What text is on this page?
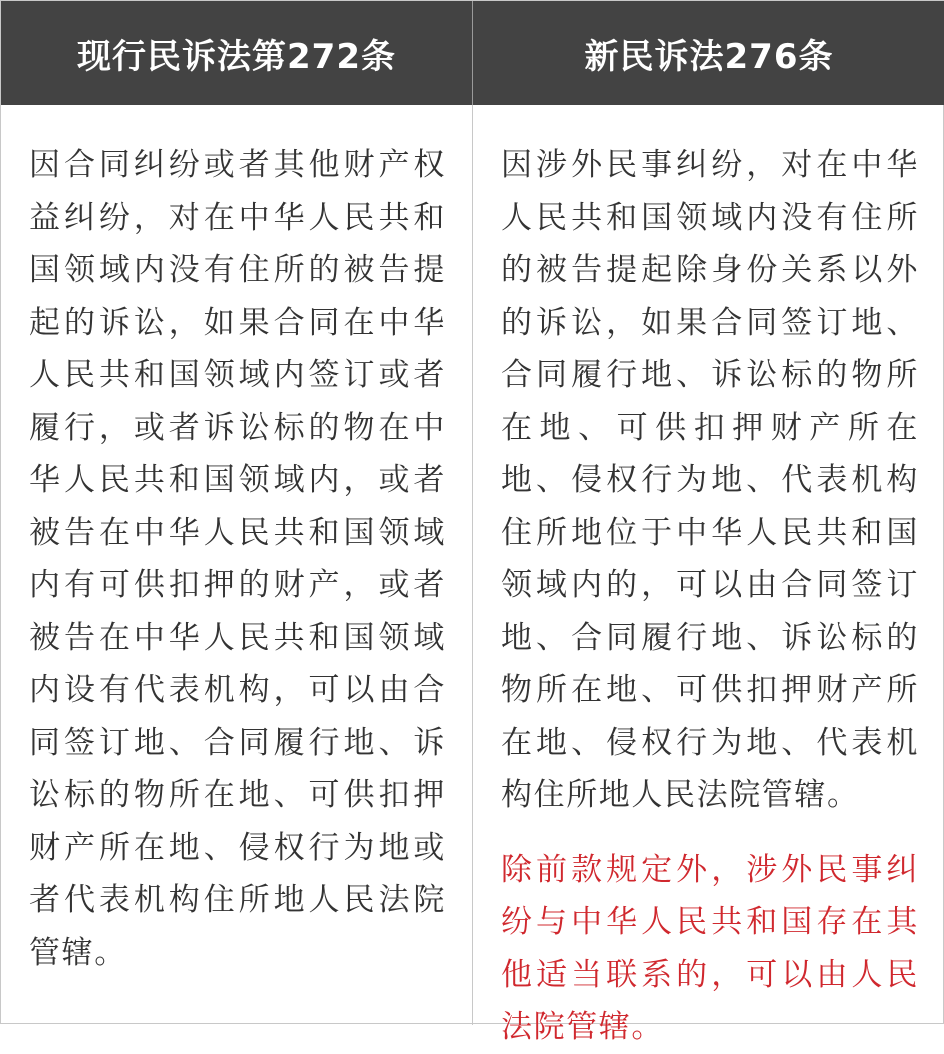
现行民诉法第272条	新民诉法276条

因合同纠纷或者其他财产权益纠纷，对在中华人民共和国领域内没有住所的被告提起的诉讼，如果合同在中华人民共和国领域内签订或者履行，或者诉讼标的物在中华人民共和国领域内，或者被告在中华人民共和国领域内有可供扣押的财产，或者被告在中华人民共和国领域内设有代表机构，可以由合同签订地、合同履行地、诉讼标的物所在地、可供扣押财产所在地、侵权行为地或者代表机构住所地人民法院管辖。

因涉外民事纠纷，对在中华人民共和国领域内没有住所的被告提起除身份关系以外的诉讼，如果合同签订地、合同履行地、诉讼标的物所在地、可供扣押财产所在地、侵权行为地、代表机构住所地位于中华人民共和国领域内的，可以由合同签订地、合同履行地、诉讼标的物所在地、可供扣押财产所在地、侵权行为地、代表机构住所地人民法院管辖。

除前款规定外，涉外民事纠纷与中华人民共和国存在其他适当联系的，可以由人民法院管辖。
